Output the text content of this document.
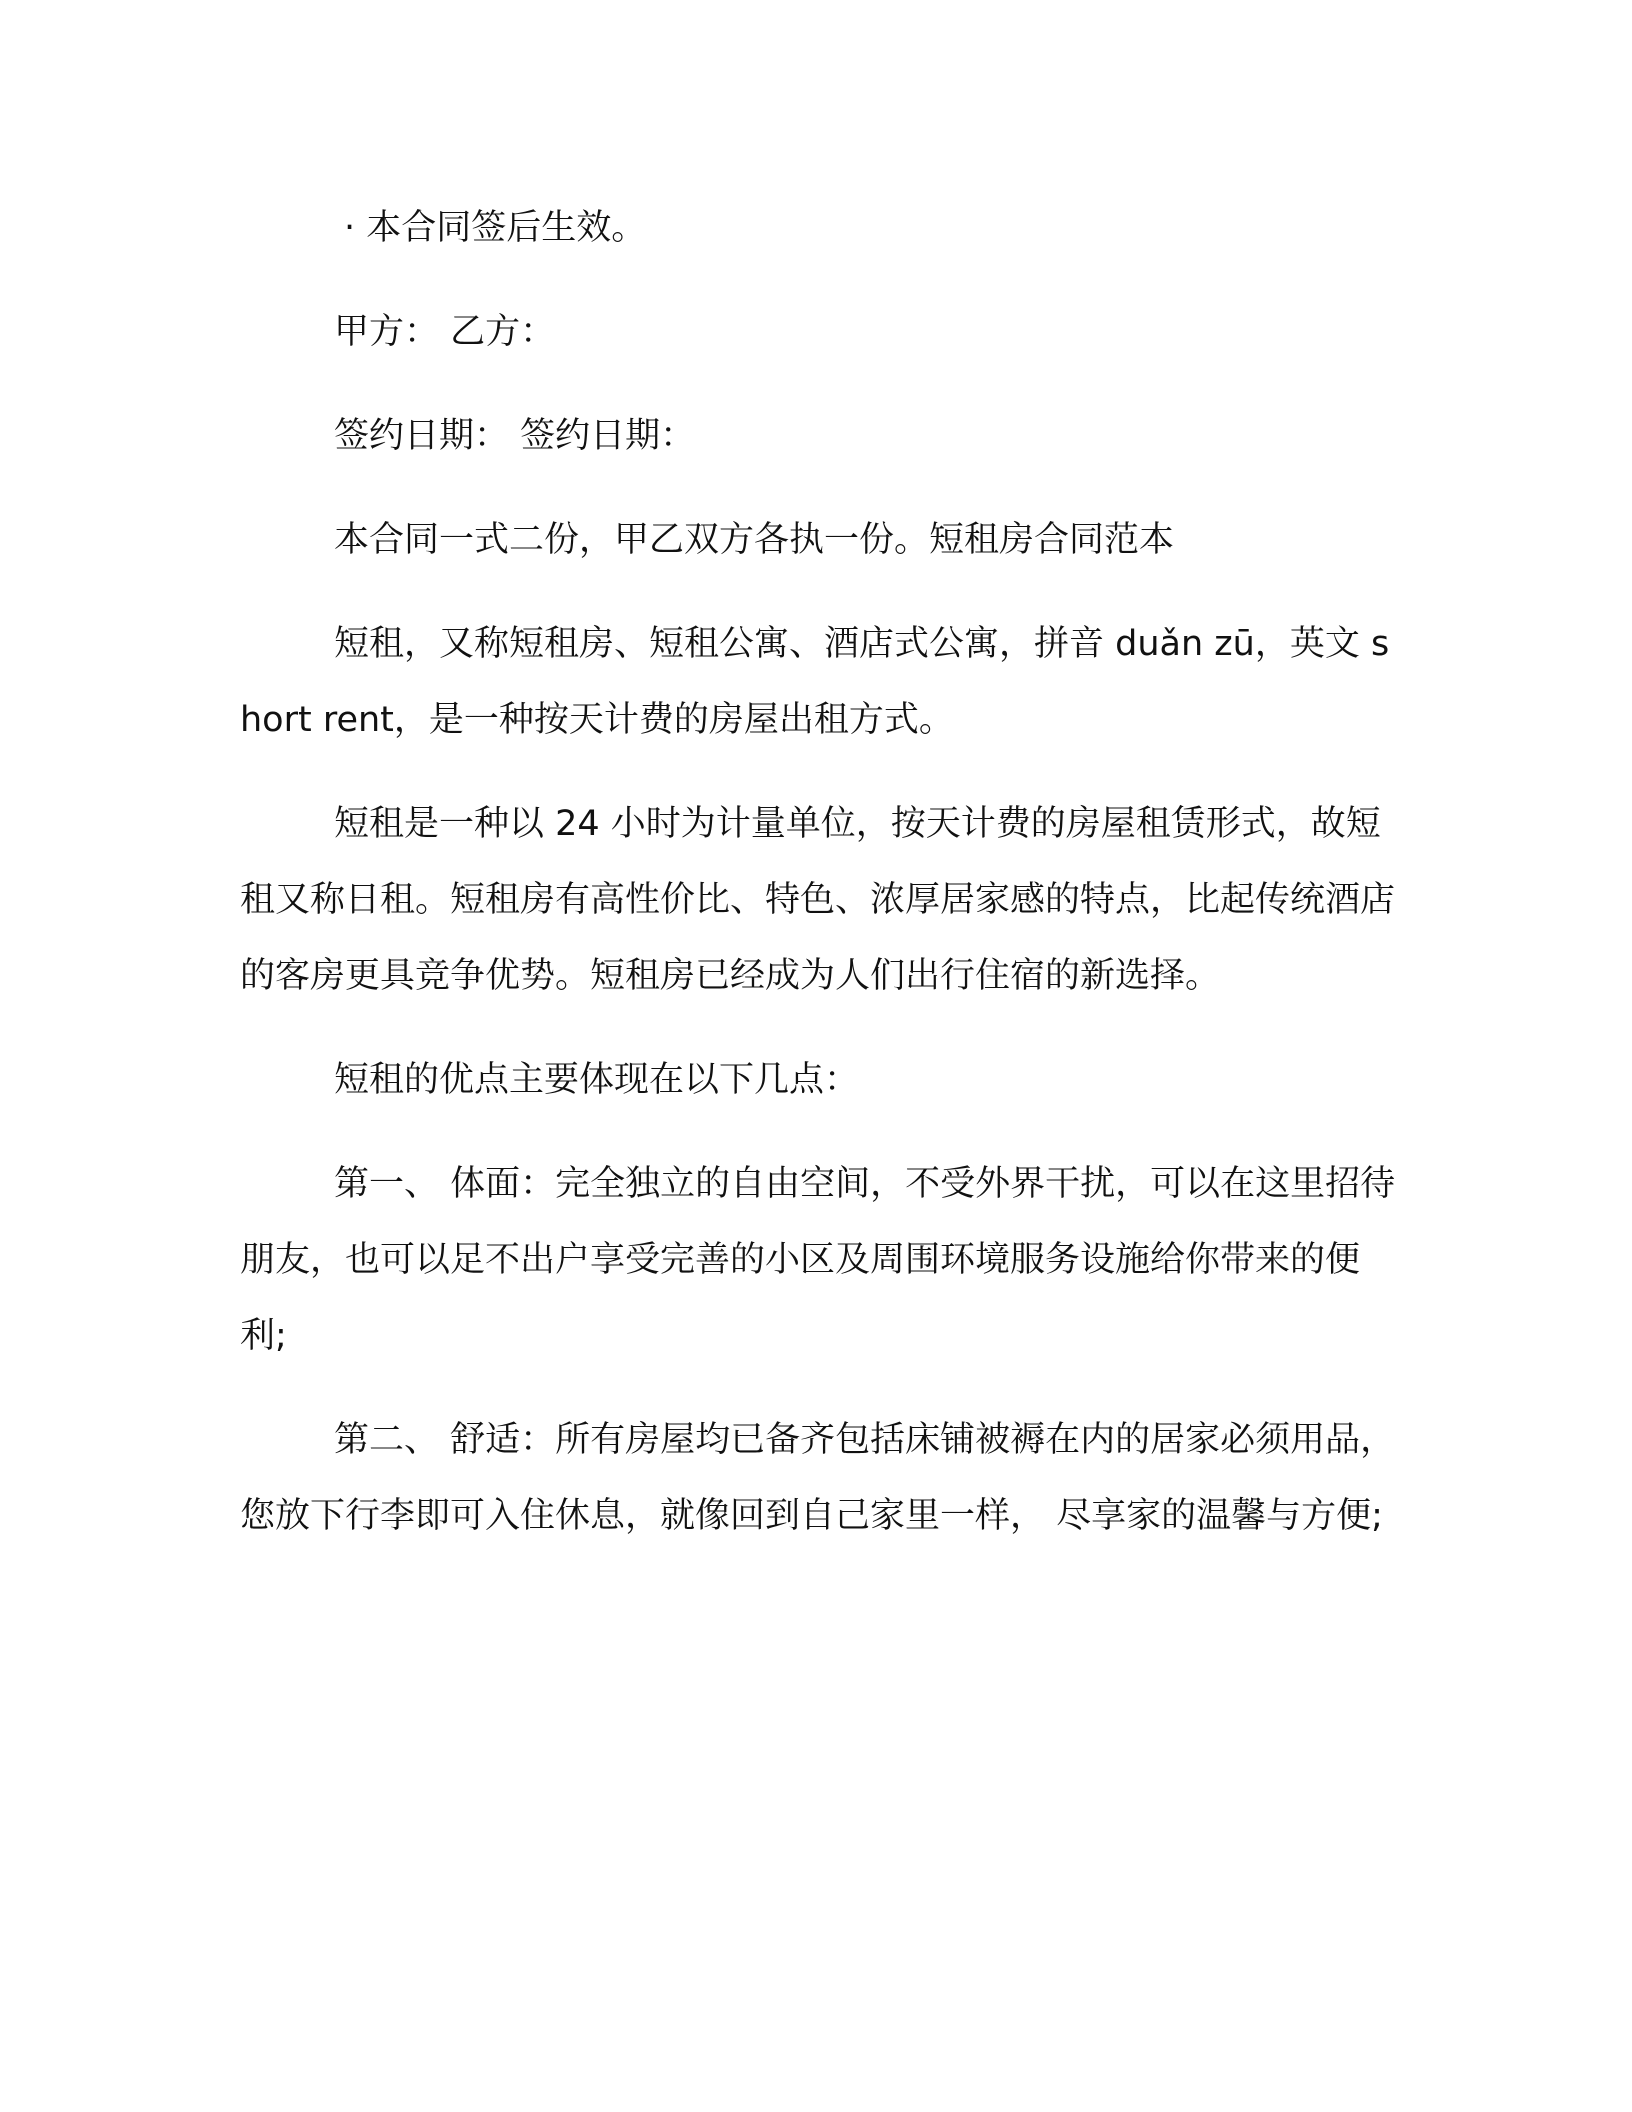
· 本合同签后生效。

甲方： 乙方：

签约日期： 签约日期：

本合同一式二份，甲乙双方各执一份。短租房合同范本

短租，又称短租房、短租公寓、酒店式公寓，拼音 duǎn zū，英文 short rent，是一种按天计费的房屋出租方式。

短租是一种以 24 小时为计量单位，按天计费的房屋租赁形式，故短租又称日租。短租房有高性价比、特色、浓厚居家感的特点，比起传统酒店的客房更具竞争优势。短租房已经成为人们出行住宿的新选择。

短租的优点主要体现在以下几点：

第一、 体面：完全独立的自由空间，不受外界干扰，可以在这里招待朋友，也可以足不出户享受完善的小区及周围环境服务设施给你带来的便利;

第二、 舒适：所有房屋均已备齐包括床铺被褥在内的居家必须用品，您放下行李即可入住休息，就像回到自己家里一样， 尽享家的温馨与方便;
